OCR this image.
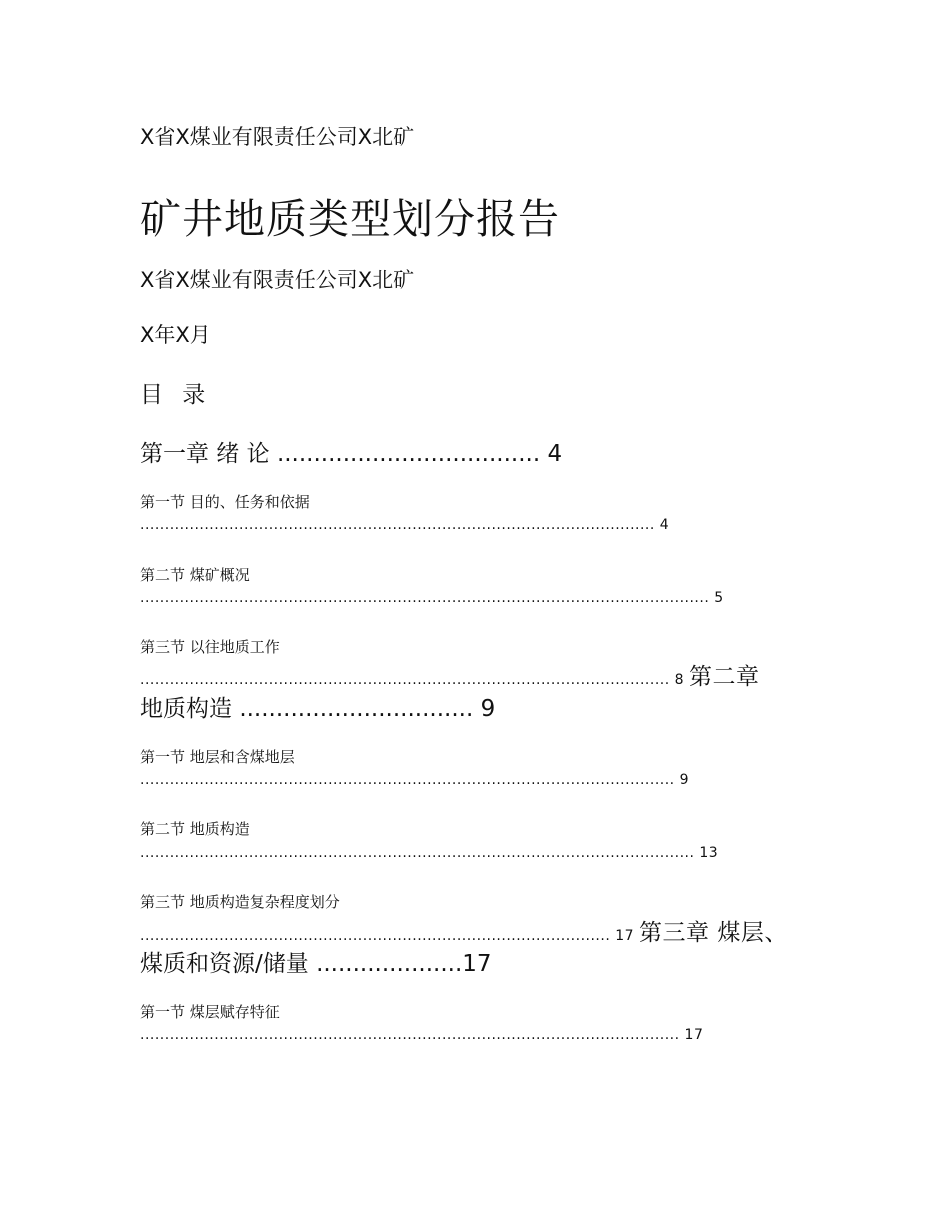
X省X煤业有限责任公司X北矿
矿井地质类型划分报告
X省X煤业有限责任公司X北矿
X年X月
目 录
第一章 绪 论 .................................... 4
第一节 目的、任务和依据
........................................................................................................ 4
第二节 煤矿概况
................................................................................................................... 5
第三节 以往地质工作
........................................................................................................... 8 第二章
地质构造 ................................ 9
第一节 地层和含煤地层
............................................................................................................ 9
第二节 地质构造
................................................................................................................ 13
第三节 地质构造复杂程度划分
............................................................................................... 17 第三章 煤层、
煤质和资源/储量 ....................17
第一节 煤层赋存特征
............................................................................................................. 17
